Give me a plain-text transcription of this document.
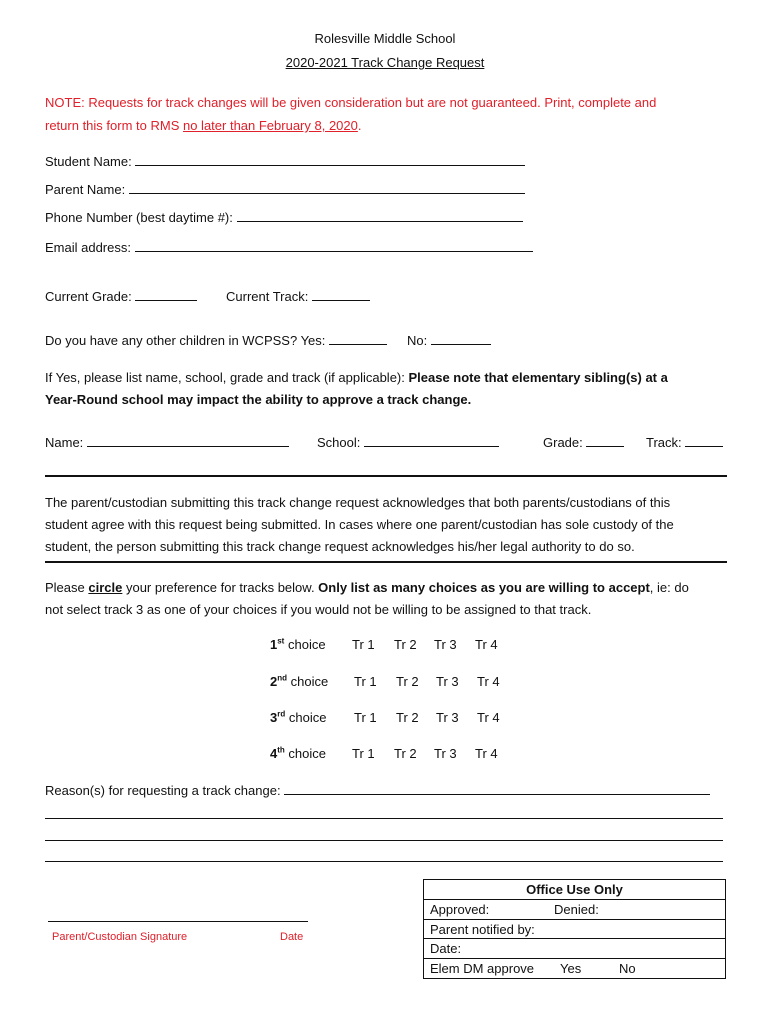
Rolesville Middle School
2020-2021 Track Change Request
NOTE: Requests for track changes will be given consideration but are not guaranteed. Print, complete and
return this form to RMS no later than February 8, 2020.
Student Name:
Parent Name:
Phone Number (best daytime #):
Email address:
Current Grade:	Current Track:
Do you have any other children in WCPSS? Yes:	No:
If Yes, please list name, school, grade and track (if applicable): Please note that elementary sibling(s) at a
Year-Round school may impact the ability to approve a track change.
Name:	School:	Grade:	Track:
The parent/custodian submitting this track change request acknowledges that both parents/custodians of this
student agree with this request being submitted. In cases where one parent/custodian has sole custody of the
student, the person submitting this track change request acknowledges his/her legal authority to do so.
Please circle your preference for tracks below. Only list as many choices as you are willing to accept, ie: do
not select track 3 as one of your choices if you would not be willing to be assigned to that track.
1st choice Tr 1 Tr 2 Tr 3 Tr 4
2nd choice Tr 1 Tr 2 Tr 3 Tr 4
3rd choice Tr 1 Tr 2 Tr 3 Tr 4
4th choice Tr 1 Tr 2 Tr 3 Tr 4
Reason(s) for requesting a track change:
Parent/Custodian Signature	Date
Office Use Only
Approved:	Denied:
Parent notified by:
Date:
Elem DM approve Yes	No
